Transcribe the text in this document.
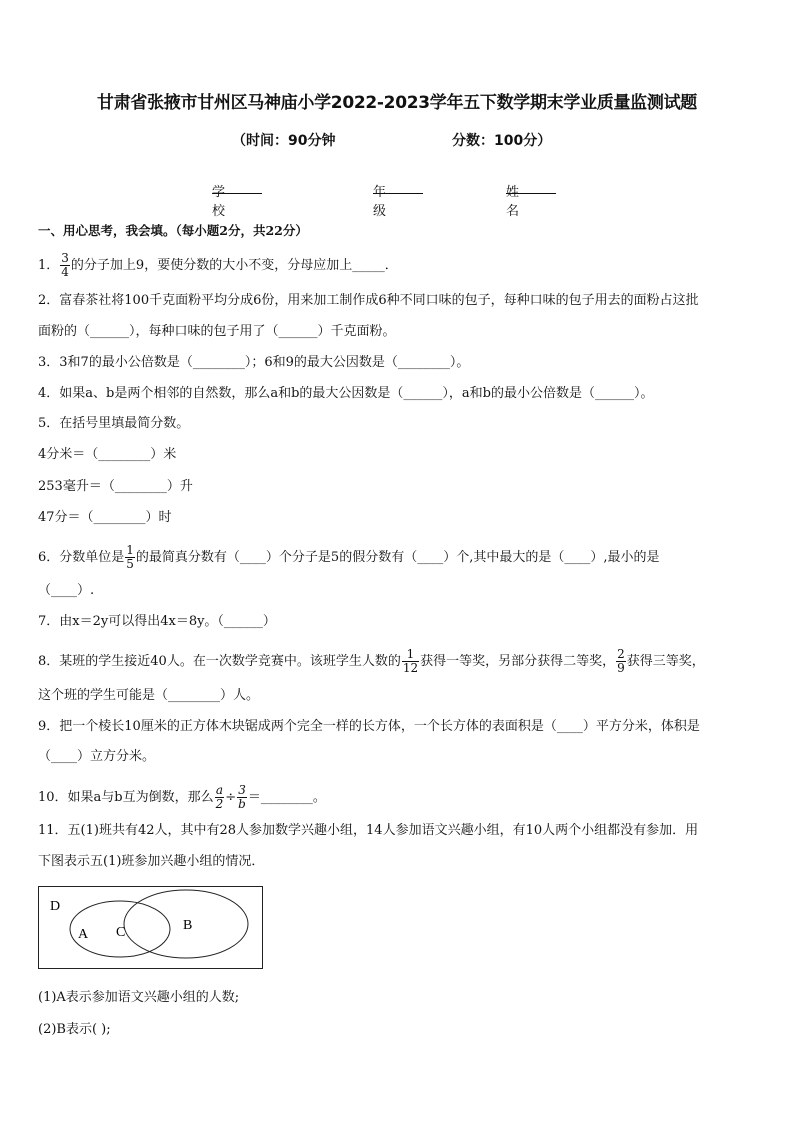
甘肃省张掖市甘州区马神庙小学2022-2023学年五下数学期末学业质量监测试题
（时间：90分钟	分数：100分）
学校
年级
姓名
一、用心思考，我会填。（每小题2分，共22分）
1． $\frac{3}{4}$ 的分子加上9，要使分数的大小不变，分母应加上_____．
2．富春茶社将100千克面粉平均分成6份，用来加工制作成6种不同口味的包子，每种口味的包子用去的面粉占这批
面粉的（______），每种口味的包子用了（______）千克面粉。
3．3和7的最小公倍数是（________）；6和9的最大公因数是（________）。
4．如果a、b是两个相邻的自然数，那么a和b的最大公因数是（______），a和b的最小公倍数是（______）。
5．在括号里填最简分数。
4分米＝（________）米
253毫升＝（________）升
47分＝（________）时
6．分数单位是 $\frac{1}{5}$ 的最简真分数有（____）个分子是5的假分数有（____）个,其中最大的是（____）,最小的是
（____）.
7．由x＝2y可以得出4x＝8y。（______）
8．某班的学生接近40人。在一次数学竞赛中。该班学生人数的 $\frac{1}{12}$ 获得一等奖，另部分获得二等奖， $\frac{2}{9}$ 获得三等奖，
这个班的学生可能是（________）人。
9．把一个棱长10厘米的正方体木块锯成两个完全一样的长方体，一个长方体的表面积是（____）平方分米，体积是
（____）立方分米。
10．如果a与b互为倒数，那么 $\frac{a}{2} \div \frac{3}{b}$ ＝________。
11．五(1)班共有42人，其中有28人参加数学兴趣小组，14人参加语文兴趣小组，有10人两个小组都没有参加．用
下图表示五(1)班参加兴趣小组的情况．
D
A C	B
(1)A表示参加语文兴趣小组的人数;
(2)B表示( );
